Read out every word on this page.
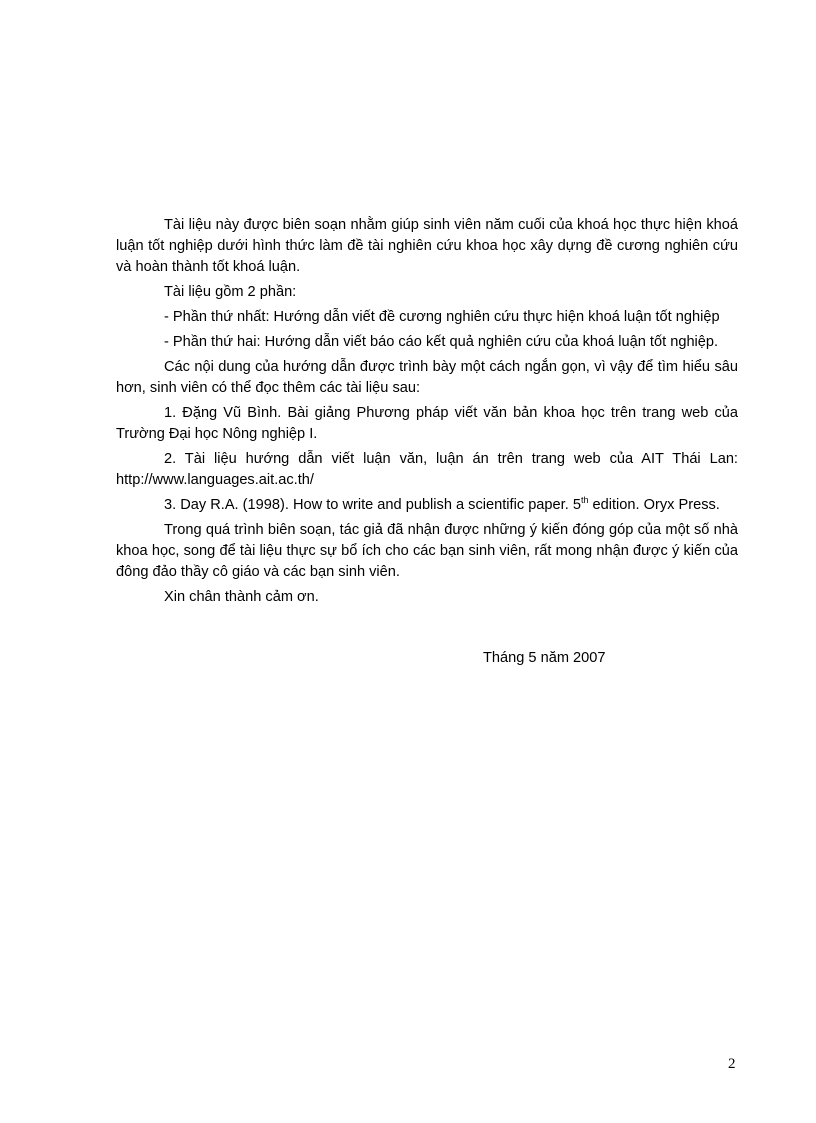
Tài liệu này được biên soạn nhằm giúp sinh viên năm cuối của khoá học thực hiện khoá luận tốt nghiệp dưới hình thức làm đề tài nghiên cứu khoa học xây dựng đề cương nghiên cứu và hoàn thành tốt khoá luận.

Tài liệu gồm 2 phần:

- Phần thứ nhất: Hướng dẫn viết đề cương nghiên cứu thực hiện khoá luận tốt nghiệp

- Phần thứ hai: Hướng dẫn viết báo cáo kết quả nghiên cứu của khoá luận tốt nghiệp.

Các nội dung của hướng dẫn được trình bày một cách ngắn gọn, vì vậy để tìm hiểu sâu hơn, sinh viên có thể đọc thêm các tài liệu sau:

1. Đặng Vũ Bình. Bài giảng Phương pháp viết văn bản khoa học trên trang web của Trường Đại học Nông nghiệp I.

2. Tài liệu hướng dẫn viết luận văn, luận án trên trang web của AIT Thái Lan: http://www.languages.ait.ac.th/

3. Day R.A. (1998). How to write and publish a scientific paper. 5th edition. Oryx Press.

Trong quá trình biên soạn, tác giả đã nhận được những ý kiến đóng góp của một số nhà khoa học, song để tài liệu thực sự bổ ích cho các bạn sinh viên, rất mong nhận được ý kiến của đông đảo thầy cô giáo và các bạn sinh viên.

Xin chân thành cảm ơn.

Tháng 5 năm 2007
2
